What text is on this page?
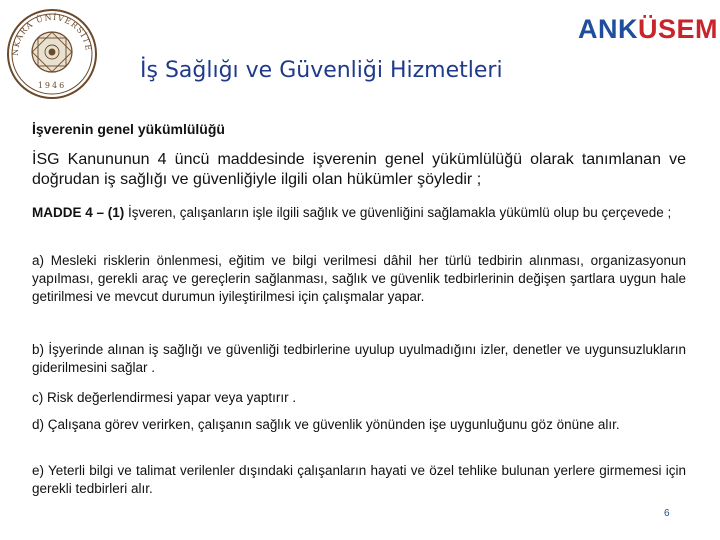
NKARA ÜNİVERSİTE
1946
ANKÜSEM
İş Sağlığı ve Güvenliği Hizmetleri
İşverenin genel yükümlülüğü

İSG Kanununun 4 üncü maddesinde işverenin genel yükümlülüğü olarak tanımlanan ve doğrudan iş sağlığı ve güvenliğiyle ilgili olan hükümler şöyledir ;

MADDE 4 – (1) İşveren, çalışanların işle ilgili sağlık ve güvenliğini sağlamakla yükümlü olup bu çerçevede ;

a) Mesleki risklerin önlenmesi, eğitim ve bilgi verilmesi dâhil her türlü tedbirin alınması, organizasyonun yapılması, gerekli araç ve gereçlerin sağlanması, sağlık ve güvenlik tedbirlerinin değişen şartlara uygun hale getirilmesi ve mevcut durumun iyileştirilmesi için çalışmalar yapar.

b) İşyerinde alınan iş sağlığı ve güvenliği tedbirlerine uyulup uyulmadığını izler, denetler ve uygunsuzlukların giderilmesini sağlar .

c) Risk değerlendirmesi yapar veya yaptırır .

d) Çalışana görev verirken, çalışanın sağlık ve güvenlik yönünden işe uygunluğunu göz önüne alır.

e) Yeterli bilgi ve talimat verilenler dışındaki çalışanların hayati ve özel tehlike bulunan yerlere girmemesi için gerekli tedbirleri alır.

6
